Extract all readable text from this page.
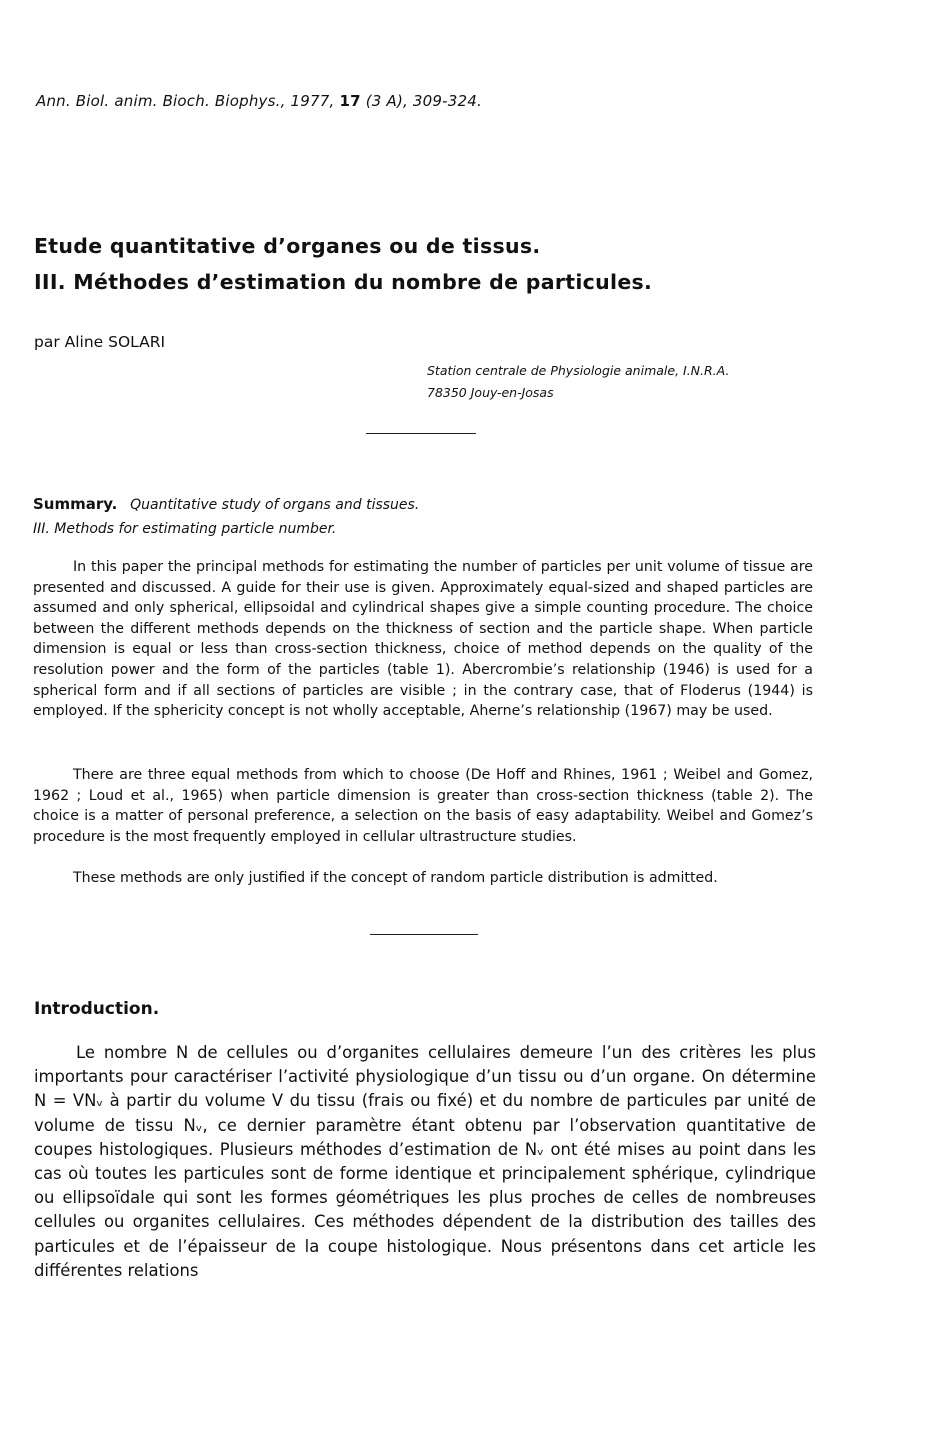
Ann. Biol. anim. Bioch. Biophys., 1977, 17 (3 A), 309-324.
Etude quantitative d’organes ou de tissus.
III. Méthodes d’estimation du nombre de particules.
par Aline SOLARI
Station centrale de Physiologie animale, I.N.R.A.
78350 Jouy-en-Josas
Summary. Quantitative study of organs and tissues.
III. Methods for estimating particle number.

In this paper the principal methods for estimating the number of particles per unit volume of tissue are presented and discussed. A guide for their use is given. Approximately equal-sized and shaped particles are assumed and only spherical, ellipsoidal and cylindrical shapes give a simple counting procedure. The choice between the different methods depends on the thickness of section and the particle shape. When particle dimension is equal or less than cross-section thickness, choice of method depends on the quality of the resolution power and the form of the particles (table 1). Abercrombie’s relationship (1946) is used for a spherical form and if all sections of particles are visible ; in the contrary case, that of Floderus (1944) is employed. If the sphericity concept is not wholly acceptable, Aherne’s relationship (1967) may be used.

There are three equal methods from which to choose (De Hoff and Rhines, 1961 ; Weibel and Gomez, 1962 ; Loud et al., 1965) when particle dimension is greater than cross-section thickness (table 2). The choice is a matter of personal preference, a selection on the basis of easy adaptability. Weibel and Gomez’s procedure is the most frequently employed in cellular ultrastructure studies.

These methods are only justified if the concept of random particle distribution is admitted.

Introduction.

Le nombre N de cellules ou d’organites cellulaires demeure l’un des critères les plus importants pour caractériser l’activité physiologique d’un tissu ou d’un organe. On détermine N = VNᵥ à partir du volume V du tissu (frais ou fixé) et du nombre de particules par unité de volume de tissu Nᵥ, ce dernier paramètre étant obtenu par l’observation quantitative de coupes histologiques. Plusieurs méthodes d’estimation de Nᵥ ont été mises au point dans les cas où toutes les particules sont de forme identique et principalement sphérique, cylindrique ou ellipsoïdale qui sont les formes géométriques les plus proches de celles de nombreuses cellules ou organites cellulaires. Ces méthodes dépendent de la distribution des tailles des particules et de l’épaisseur de la coupe histologique. Nous présentons dans cet article les différentes relations
